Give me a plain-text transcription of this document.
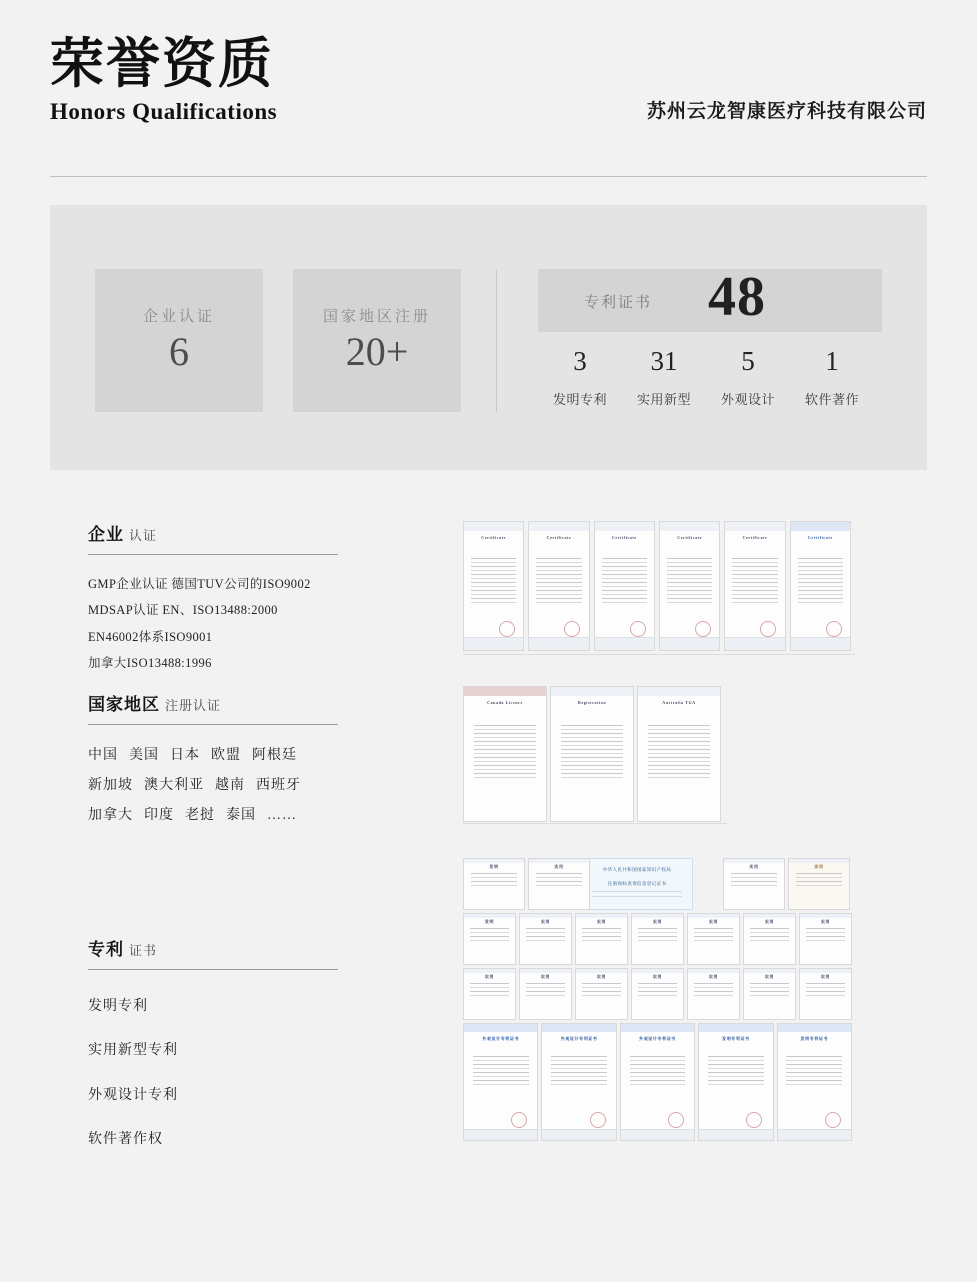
荣誉资质
Honors Qualifications	苏州云龙智康医疗科技有限公司
企业认证
6
国家地区注册
20+
专利证书 48
3
发明专利
31
实用新型
5
外观设计
1
软件著作
企业 认证
GMP企业认证 德国TUV公司的ISO9002
MDSAP认证 EN、ISO13488:2000
EN46002体系ISO9001
加拿大ISO13488:1996
国家地区 注册认证
中国 美国 日本 欧盟 阿根廷
新加坡 澳大利亚 越南 西班牙
加拿大 印度 老挝 泰国 ……
专利 证书
发明专利
实用新型专利
外观设计专利
软件著作权
Certificate	Certificate	Certificate	Certificate	Certificate	Certificate
Canada Licence	Registration	Australia TGA
中华人民共和国国家知识产权局
注册商标查询信息登记证书
发明	实用	实用	实用
发明	实用	实用	实用	实用	实用	实用
实用	实用	实用	实用	实用	实用	实用
外观设计专利证书	外观设计专利证书	外观设计专利证书	发明专利证书	发明专利证书
